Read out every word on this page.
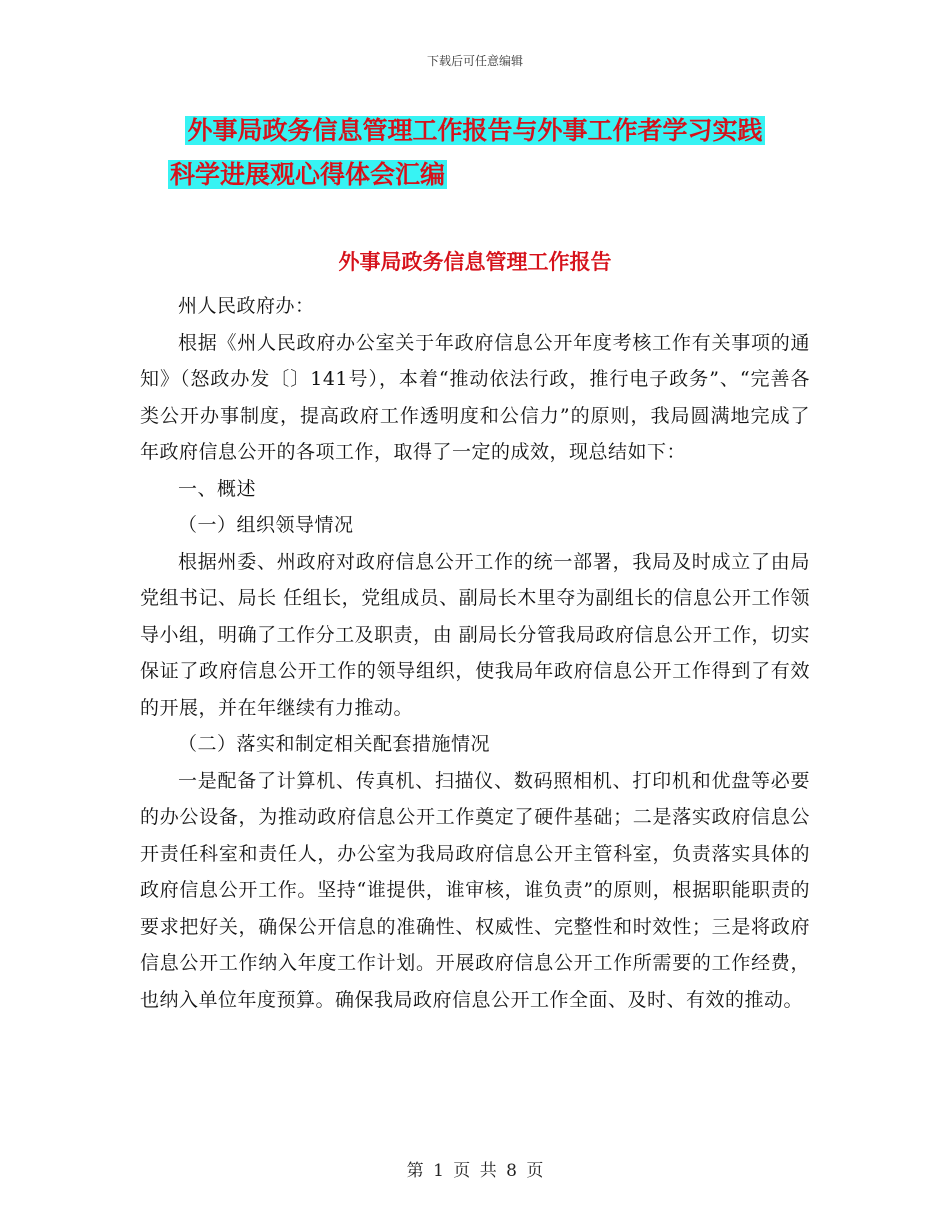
下载后可任意编辑
外事局政务信息管理工作报告与外事工作者学习实践
科学进展观心得体会汇编
外事局政务信息管理工作报告

州人民政府办：

根据《州人民政府办公室关于年政府信息公开年度考核工作有关事项的通知》（怒政办发〔〕141号），本着“推动依法行政，推行电子政务”、“完善各类公开办事制度，提高政府工作透明度和公信力”的原则，我局圆满地完成了年政府信息公开的各项工作，取得了一定的成效，现总结如下：

一、概述

（一）组织领导情况

根据州委、州政府对政府信息公开工作的统一部署，我局及时成立了由局党组书记、局长 任组长，党组成员、副局长木里夺为副组长的信息公开工作领导小组，明确了工作分工及职责，由 副局长分管我局政府信息公开工作，切实保证了政府信息公开工作的领导组织，使我局年政府信息公开工作得到了有效的开展，并在年继续有力推动。

（二）落实和制定相关配套措施情况

一是配备了计算机、传真机、扫描仪、数码照相机、打印机和优盘等必要的办公设备，为推动政府信息公开工作奠定了硬件基础；二是落实政府信息公开责任科室和责任人，办公室为我局政府信息公开主管科室，负责落实具体的政府信息公开工作。坚持“谁提供，谁审核，谁负责”的原则，根据职能职责的要求把好关，确保公开信息的准确性、权威性、完整性和时效性；三是将政府信息公开工作纳入年度工作计划。开展政府信息公开工作所需要的工作经费，也纳入单位年度预算。确保我局政府信息公开工作全面、及时、有效的推动。

第 1 页 共 8 页
